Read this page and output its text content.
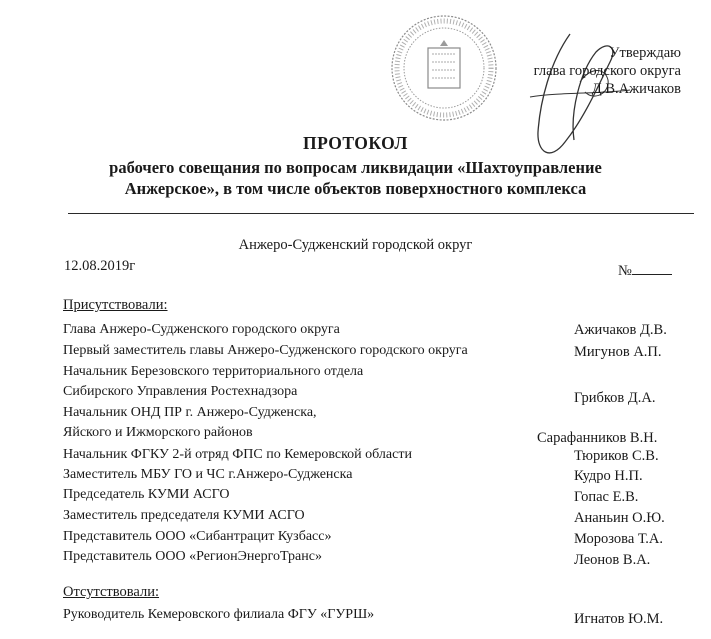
Утверждаю
глава городского округа
Д.В.Ажичаков
ПРОТОКОЛ
рабочего совещания по вопросам ликвидации «Шахтоуправление
Анжерское», в том числе объектов поверхностного комплекса
Анжеро-Судженский городской округ
12.08.2019г	№
Присутствовали:
Глава Анжеро-Судженского городского округа	Ажичаков Д.В.
Первый заместитель главы Анжеро-Судженского городского округа	Мигунов А.П.
Начальник Березовского территориального отдела
Сибирского Управления Ростехнадзора	Грибков Д.А.
Начальник ОНД ПР г. Анжеро-Судженска,
Яйского и Ижморского районов	Сарафанников В.Н.
Начальник ФГКУ 2-й отряд ФПС по Кемеровской области	Тюриков С.В.
Заместитель МБУ ГО и ЧС г.Анжеро-Судженска	Кудро Н.П.
Председатель КУМИ АСГО	Гопас Е.В.
Заместитель председателя КУМИ АСГО	Ананьин О.Ю.
Представитель ООО «Сибантрацит Кузбасс»	Морозова Т.А.
Представитель ООО «РегионЭнергоТранс»	Леонов В.А.
Отсутствовали:
Руководитель Кемеровского филиала ФГУ «ГУРШ»	Игнатов Ю.М.
